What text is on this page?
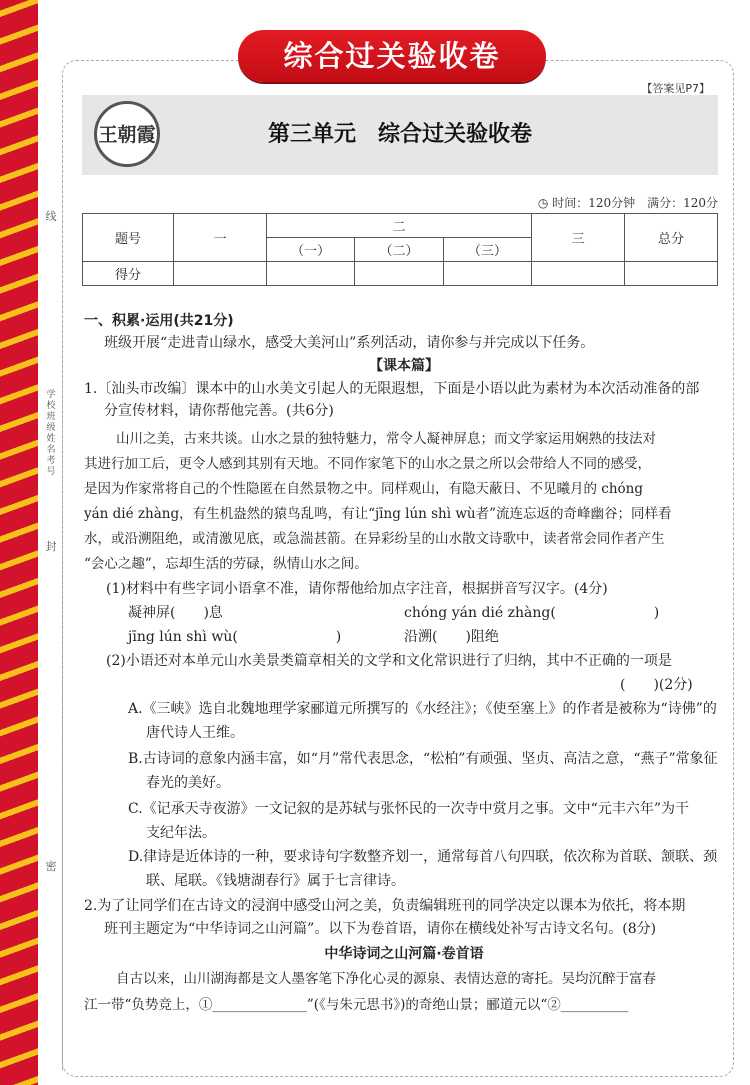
线
封
密
学校 班级 姓名 考号
综合过关验收卷
【答案见P7】
王朝霞	第三单元　综合过关验收卷
◷ 时间：120分钟　满分：120分
题号	一	二			三	总分
		（一）	（二）	（三）		
得分						
一、积累·运用(共21分)
班级开展“走进青山绿水，感受大美河山”系列活动，请你参与并完成以下任务。
【课本篇】
1.〔汕头市改编〕课本中的山水美文引起人的无限遐想，下面是小语以此为素材为本次活动准备的部
分宣传材料，请你帮他完善。(共6分)
山川之美，古来共谈。山水之景的独特魅力，常令人凝神屏息；而文学家运用娴熟的技法对
其进行加工后，更令人感到其别有天地。不同作家笔下的山水之景之所以会带给人不同的感受，
是因为作家常将自己的个性隐匿在自然景物之中。同样观山，有隐天蔽日、不见曦月的 chóng
yán dié zhàng，有生机盎然的猿鸟乱鸣，有让“jīng lún shì wù者”流连忘返的奇峰幽谷；同样看
水，或沿溯阻绝，或清激见底，或急湍甚箭。在异彩纷呈的山水散文诗歌中，读者常会同作者产生
“会心之趣”，忘却生活的劳碌，纵情山水之间。
(1)材料中有些字词小语拿不准，请你帮他给加点字注音，根据拼音写汉字。(4分)
凝神屏(　　)息	chóng yán dié zhàng(　　　　　　　)
jīng lún shì wù(　　　　　　　)	沿溯(　　)阻绝
(2)小语还对本单元山水美景类篇章相关的文学和文化常识进行了归纳，其中不正确的一项是
(　　)(2分)
A.《三峡》选自北魏地理学家郦道元所撰写的《水经注》；《使至塞上》的作者是被称为“诗佛”的
唐代诗人王维。
B.古诗词的意象内涵丰富，如“月”常代表思念，“松柏”有顽强、坚贞、高洁之意，“燕子”常象征
春光的美好。
C.《记承天寺夜游》一文记叙的是苏轼与张怀民的一次寺中赏月之事。文中“元丰六年”为干
支纪年法。
D.律诗是近体诗的一种，要求诗句字数整齐划一，通常每首八句四联，依次称为首联、颔联、颈
联、尾联。《钱塘湖春行》属于七言律诗。
2.为了让同学们在古诗文的浸润中感受山河之美，负责编辑班刊的同学决定以课本为依托，将本期
班刊主题定为“中华诗词之山河篇”。以下为卷首语，请你在横线处补写古诗文名句。(8分)
中华诗词之山河篇·卷首语
自古以来，山川湖海都是文人墨客笔下净化心灵的源泉、表情达意的寄托。吴均沉醉于富春
江一带“负势竞上，①______________”(《与朱元思书》)的奇绝山景；郦道元以“②__________
